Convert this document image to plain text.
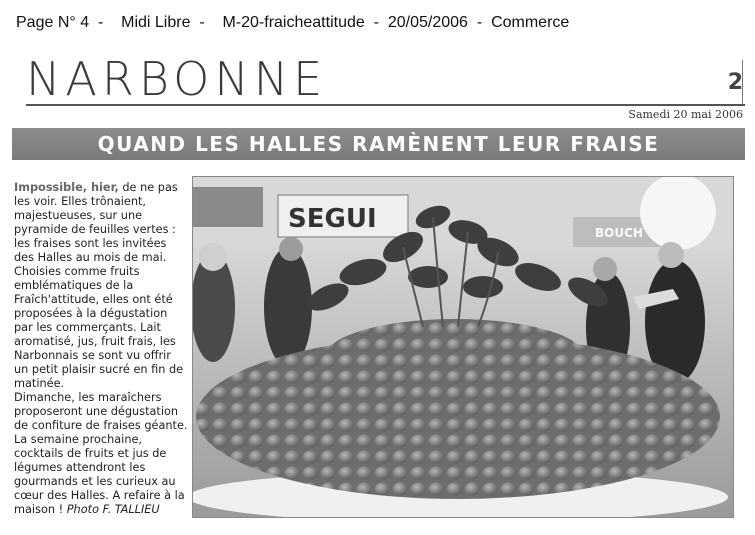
Page N° 4  -    Midi Libre  -    M-20-fraicheattitude  -  20/05/2006  -  Commerce
NARBONNE	2
Samedi 20 mai 2006
QUAND LES HALLES RAMÈNENT LEUR FRAISE
Impossible, hier, de ne pas les voir. Elles trônaient, majestueuses, sur une pyramide de feuilles vertes : les fraises sont les invitées des Halles au mois de mai. Choisies comme fruits emblématiques de la Fraîch'attitude, elles ont été proposées à la dégustation par les commerçants. Lait aromatisé, jus, fruit frais, les Narbonnais se sont vu offrir un petit plaisir sucré en fin de matinée.
Dimanche, les maraîchers proposeront une dégustation de confiture de fraises géante. La semaine prochaine, cocktails de fruits et jus de légumes attendront les gourmands et les curieux au cœur des Halles. A refaire à la maison ! Photo F. TALLIEU
SEGUI	BOUCH
